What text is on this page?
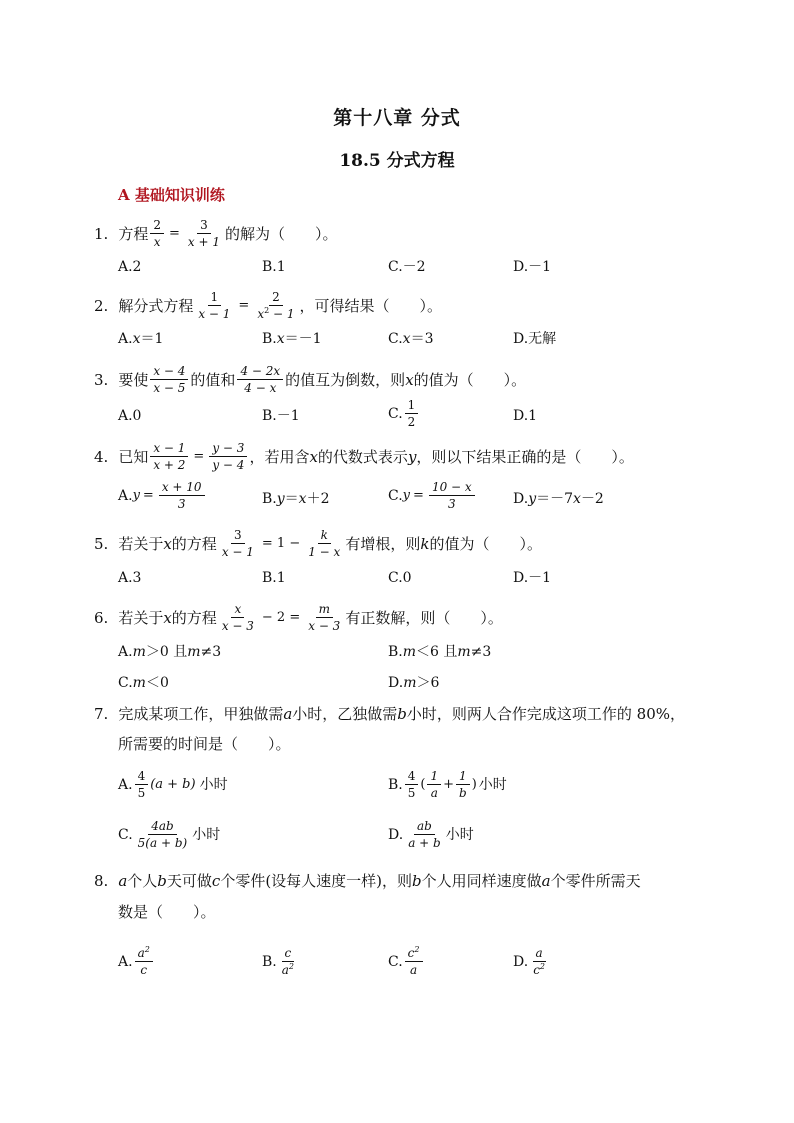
第十八章 分式
18.5 分式方程
A 基础知识训练
1. 方程 $\frac{2}{x} = \frac{3}{x + 1}$ 的解为（　　）。
A.2	B.1	C.－2	D.－1
2. 解分式方程 $\frac{1}{x - 1} = \frac{2}{x^2 - 1}$ ，可得结果（　　）。
A. x ＝1	B. x ＝－1	C. x ＝3	D.无解
3. 要使 $\frac{x - 4}{x - 5}$ 的值和 $\frac{4 - 2x}{4 - x}$ 的值互为倒数，则 x 的值为（　　）。
A.0	B.－1	C. $\frac{1}{2}$	D.1
4. 已知 $\frac{x - 1}{x + 2} = \frac{y - 3}{y - 4}$ ，若用含 x 的代数式表示 y ，则以下结果正确的是（　　）。
A. $y = \frac{x + 10}{3}$	B. y ＝ x ＋2	C. $y = \frac{10 - x}{3}$	D. y ＝－7 x －2
5. 若关于 x 的方程 $\frac{3}{x - 1} = 1 - \frac{k}{1 - x}$ 有增根，则 k 的值为（　　）。
A.3	B.1	C.0	D.－1
6. 若关于 x 的方程 $\frac{x}{x - 3} - 2 = \frac{m}{x - 3}$ 有正数解，则（　　）。
A. m ＞0 且 m ≠3	B. m ＜6 且 m ≠3
C. m ＜0	D. m ＞6
7. 完成某项工作，甲独做需 a 小时，乙独做需 b 小时，则两人合作完成这项工作的 80%，
所需要的时间是（　　）。
A. $\frac{4}{5} (a + b)$ 小时	B. $\frac{4}{5}$ ( $\frac{1}{a} + \frac{1}{b}$ ) 小时
C. $\frac{4ab}{5(a + b)}$ 小时	D. $\frac{ab}{a + b}$ 小时
8. a 个人 b 天可做 c 个零件(设每人速度一样)，则 b 个人用同样速度做 a 个零件所需天
数是（　　）。
A. $\frac{a^2}{c}$	B. $\frac{c}{a^2}$	C. $\frac{c^2}{a}$	D. $\frac{a}{c^2}$
